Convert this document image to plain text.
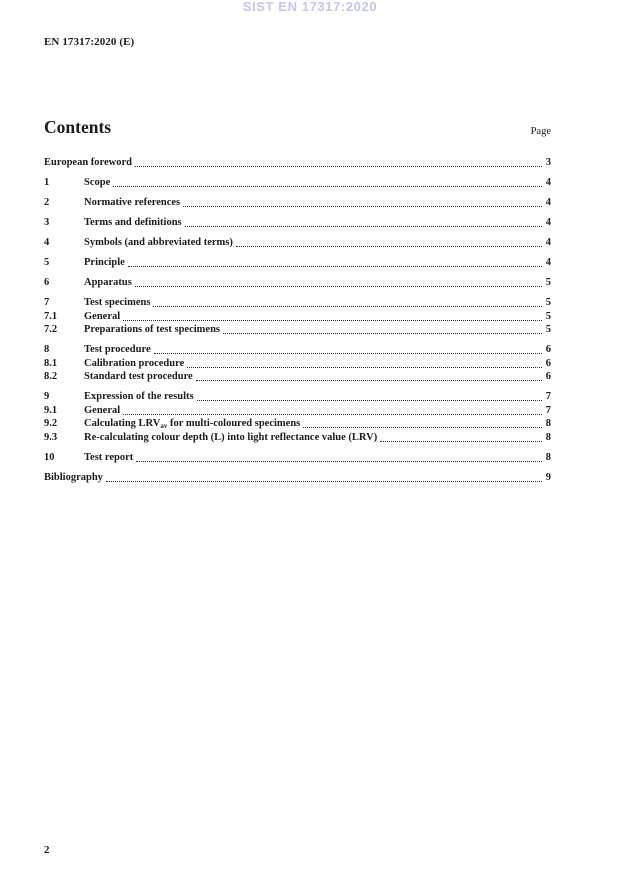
SIST EN 17317:2020
EN 17317:2020 (E)
Contents	Page
European foreword	3
1	Scope	4
2	Normative references	4
3	Terms and definitions	4
4	Symbols (and abbreviated terms)	4
5	Principle	4
6	Apparatus	5
7	Test specimens	5
7.1	General	5
7.2	Preparations of test specimens	5
8	Test procedure	6
8.1	Calibration procedure	6
8.2	Standard test procedure	6
9	Expression of the results	7
9.1	General	7
9.2	Calculating $LRV_{av}$ for multi-coloured specimens	8
9.3	Re-calculating colour depth (L) into light reflectance value (LRV)	8
10	Test report	8
Bibliography	9
2
